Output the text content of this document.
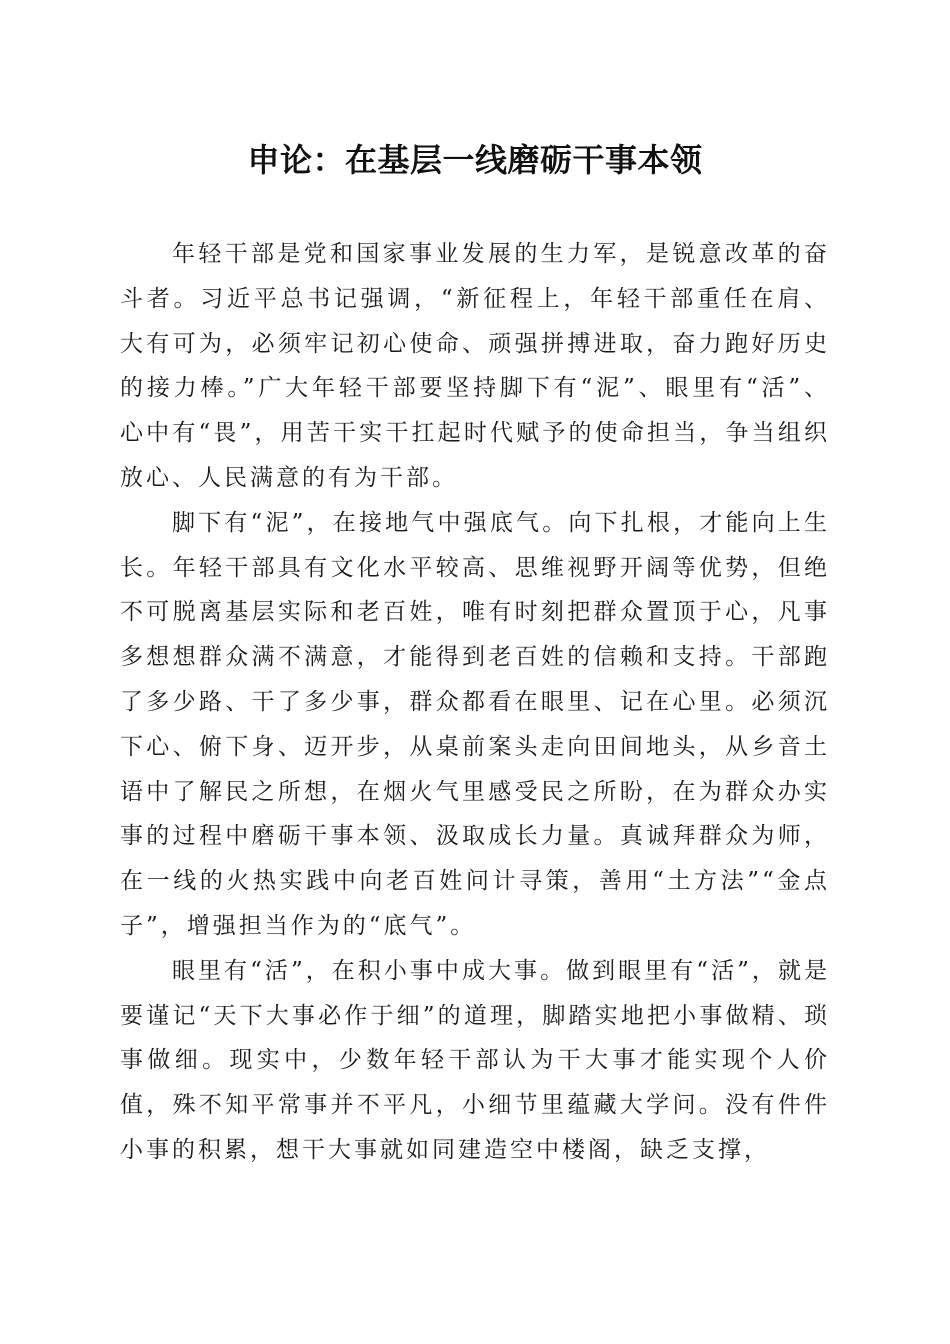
申论：在基层一线磨砺干事本领

年轻干部是党和国家事业发展的生力军，是锐意改革的奋斗者。习近平总书记强调，“新征程上，年轻干部重任在肩、大有可为，必须牢记初心使命、顽强拼搏进取，奋力跑好历史的接力棒。”广大年轻干部要坚持脚下有“泥”、眼里有“活”、心中有“畏”，用苦干实干扛起时代赋予的使命担当，争当组织放心、人民满意的有为干部。

脚下有“泥”，在接地气中强底气。向下扎根，才能向上生长。年轻干部具有文化水平较高、思维视野开阔等优势，但绝不可脱离基层实际和老百姓，唯有时刻把群众置顶于心，凡事多想想群众满不满意，才能得到老百姓的信赖和支持。干部跑了多少路、干了多少事，群众都看在眼里、记在心里。必须沉下心、俯下身、迈开步，从桌前案头走向田间地头，从乡音土语中了解民之所想，在烟火气里感受民之所盼，在为群众办实事的过程中磨砺干事本领、汲取成长力量。真诚拜群众为师，在一线的火热实践中向老百姓问计寻策，善用“土方法”“金点子”，增强担当作为的“底气”。

眼里有“活”，在积小事中成大事。做到眼里有“活”，就是要谨记“天下大事必作于细”的道理，脚踏实地把小事做精、琐事做细。现实中，少数年轻干部认为干大事才能实现个人价值，殊不知平常事并不平凡，小细节里蕴藏大学问。没有件件小事的积累，想干大事就如同建造空中楼阁，缺乏支撑，
